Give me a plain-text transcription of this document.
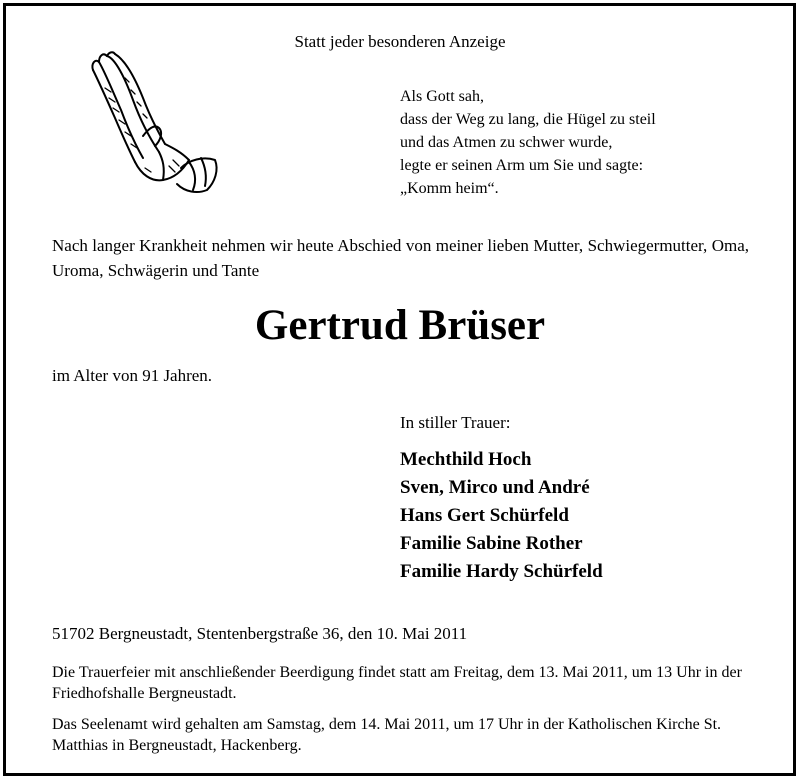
Statt jeder besonderen Anzeige
Als Gott sah,
dass der Weg zu lang, die Hügel zu steil
und das Atmen zu schwer wurde,
legte er seinen Arm um Sie und sagte:
„Komm heim“.
Nach langer Krankheit nehmen wir heute Abschied von meiner lieben Mutter, Schwiegermutter, Oma, Uroma, Schwägerin und Tante
Gertrud Brüser
im Alter von 91 Jahren.
In stiller Trauer:
Mechthild Hoch
Sven, Mirco und André
Hans Gert Schürfeld
Familie Sabine Rother
Familie Hardy Schürfeld
51702 Bergneustadt, Stentenbergstraße 36, den 10. Mai 2011
Die Trauerfeier mit anschließender Beerdigung findet statt am Freitag, dem 13. Mai 2011, um 13 Uhr in der Friedhofshalle Bergneustadt.
Das Seelenamt wird gehalten am Samstag, dem 14. Mai 2011, um 17 Uhr in der Katholischen Kirche St. Matthias in Bergneustadt, Hackenberg.
